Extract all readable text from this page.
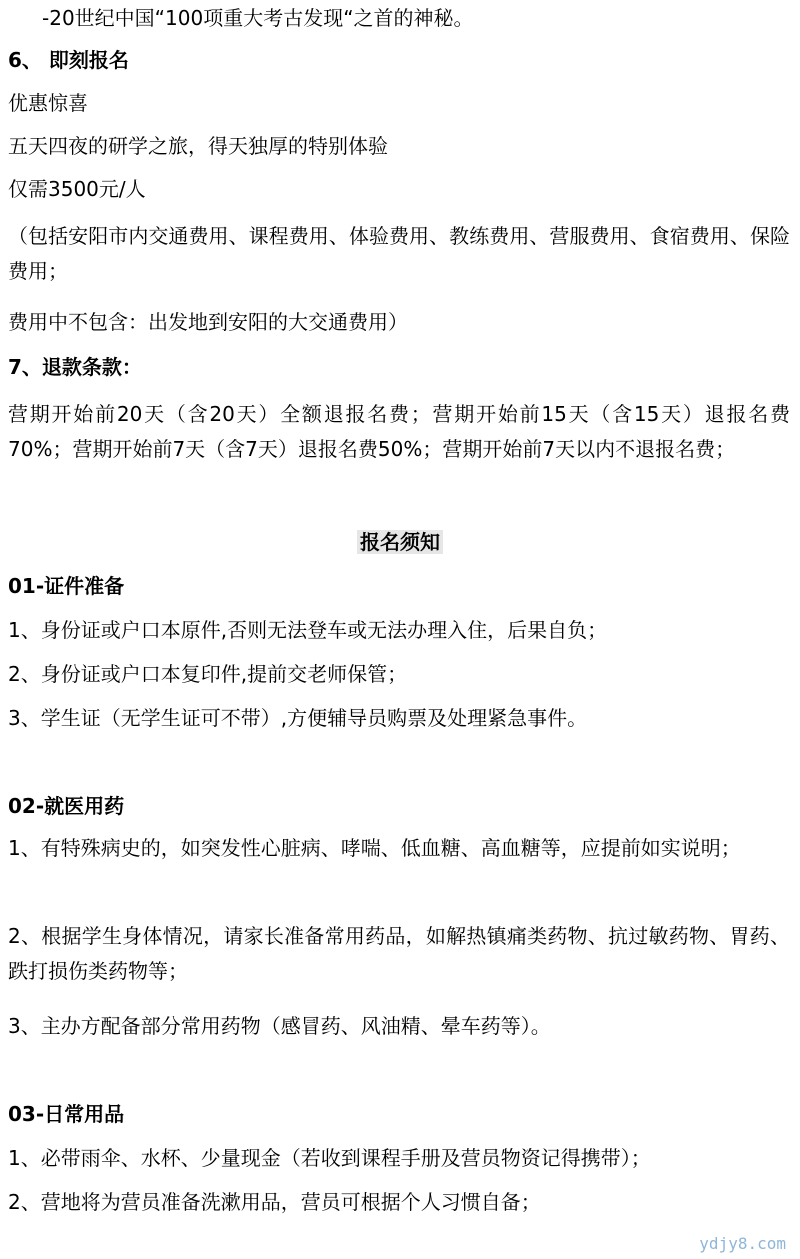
-20世纪中国“100项重大考古发现“之首的神秘。
6、 即刻报名
优惠惊喜
五天四夜的研学之旅，得天独厚的特别体验
仅需3500元/人
（包括安阳市内交通费用、课程费用、体验费用、教练费用、营服费用、食宿费用、保险费用；
费用中不包含：出发地到安阳的大交通费用）
7、退款条款：
营期开始前20天（含20天）全额退报名费；营期开始前15天（含15天）退报名费70%；营期开始前7天（含7天）退报名费50%；营期开始前7天以内不退报名费；
报名须知
01-证件准备
1、身份证或户口本原件,否则无法登车或无法办理入住，后果自负；
2、身份证或户口本复印件,提前交老师保管；
3、学生证（无学生证可不带）,方便辅导员购票及处理紧急事件。
02-就医用药
1、有特殊病史的，如突发性心脏病、哮喘、低血糖、高血糖等，应提前如实说明；
2、根据学生身体情况，请家长准备常用药品，如解热镇痛类药物、抗过敏药物、胃药、跌打损伤类药物等；
3、主办方配备部分常用药物（感冒药、风油精、晕车药等）。
03-日常用品
1、必带雨伞、水杯、少量现金（若收到课程手册及营员物资记得携带）；
2、营地将为营员准备洗漱用品，营员可根据个人习惯自备；
ydjy8.com
